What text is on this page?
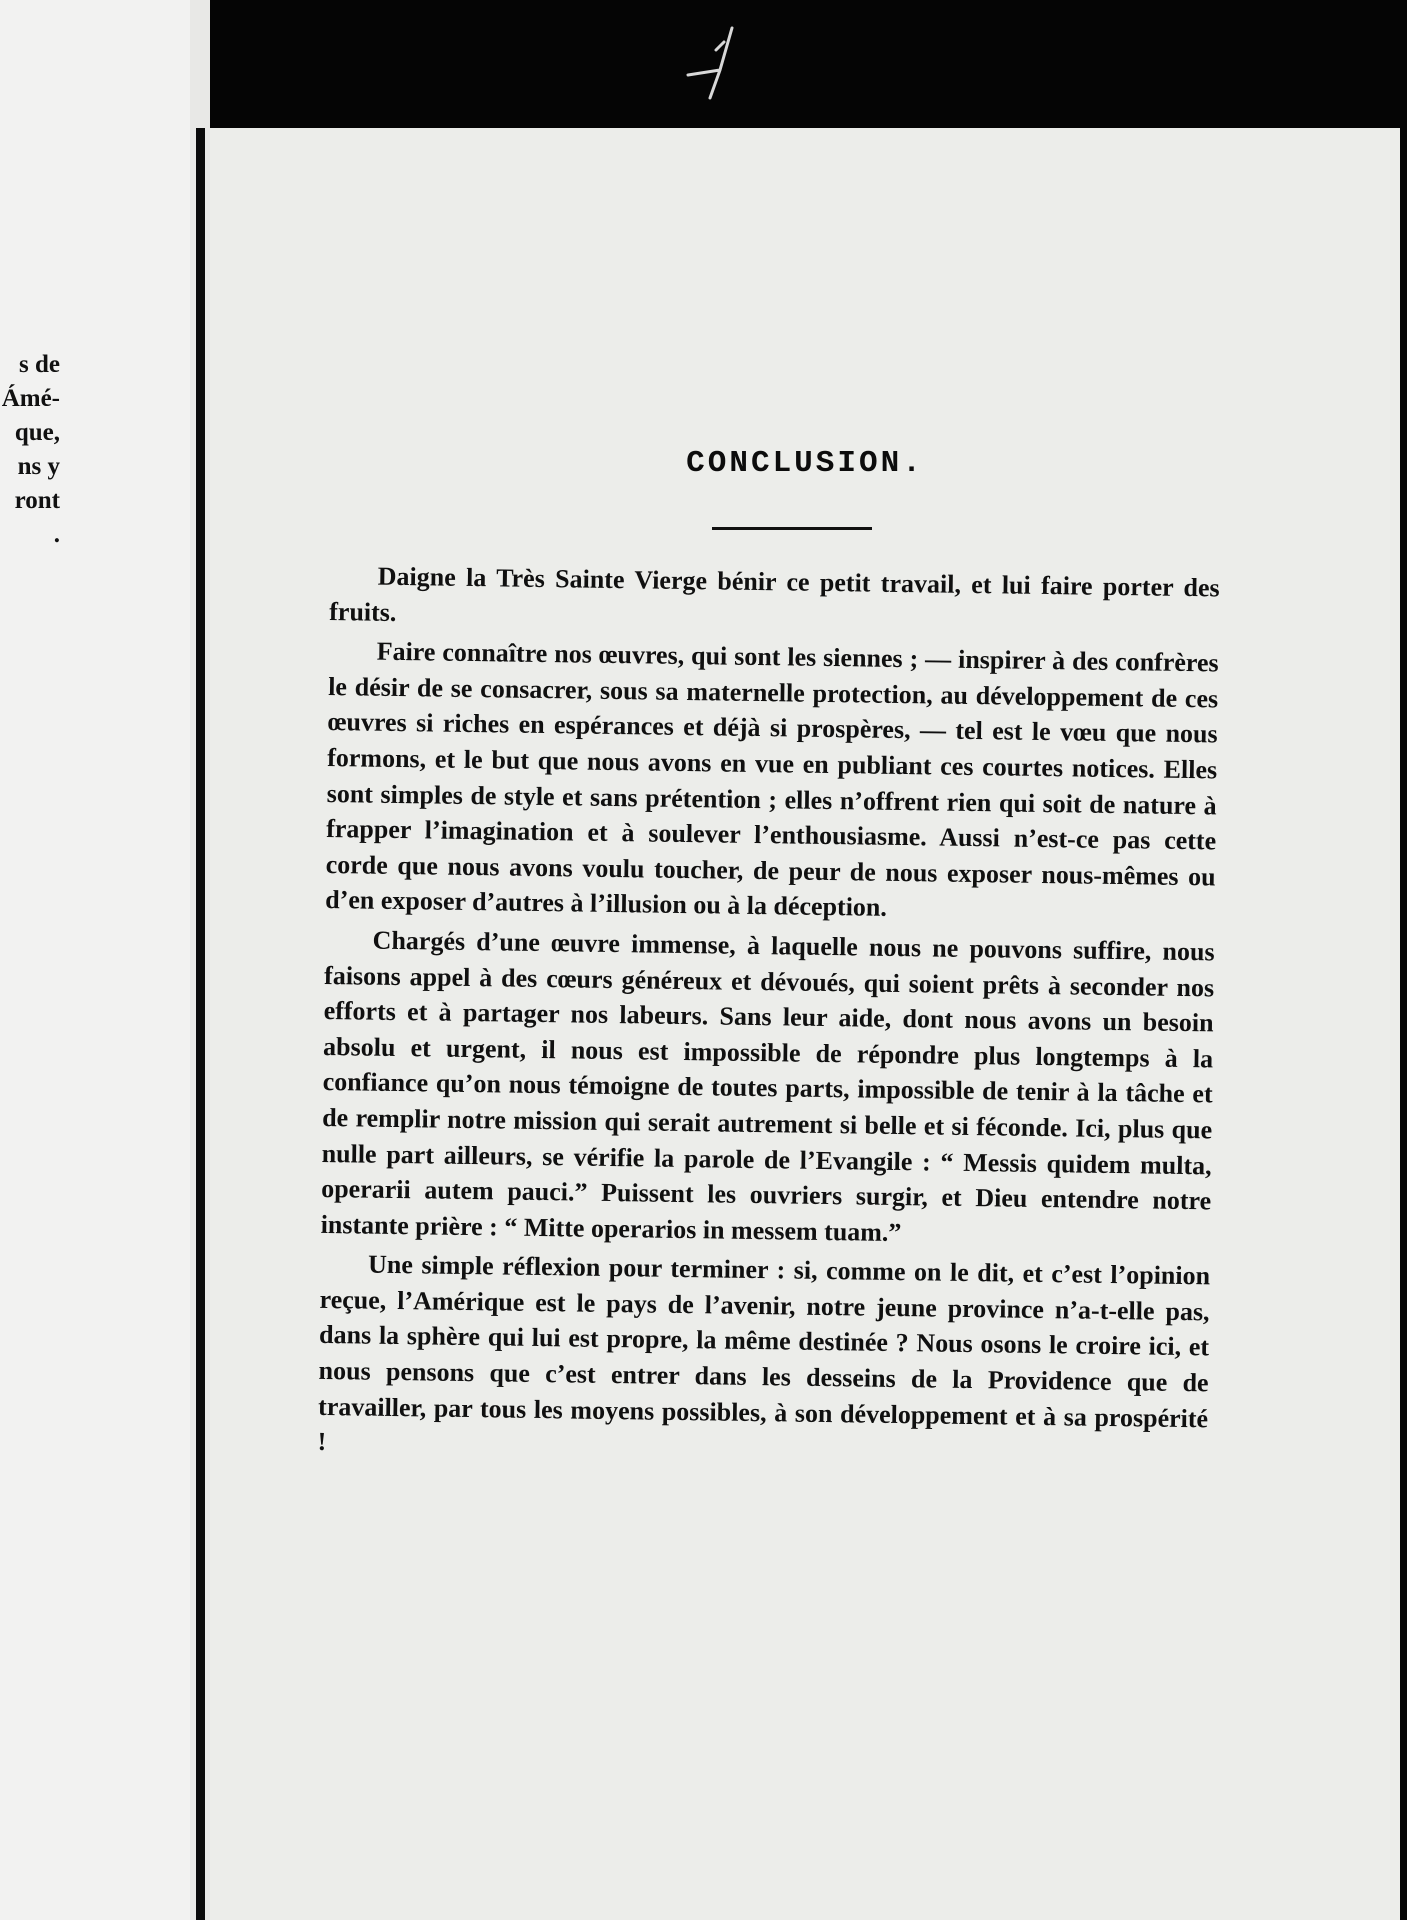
s de
Ámé-
que,
ns y
ront
.
CONCLUSION.

Daigne la Très Sainte Vierge bénir ce petit travail, et lui faire porter des fruits.

Faire connaître nos œuvres, qui sont les siennes ; — inspirer à des confrères le désir de se consacrer, sous sa maternelle protection, au développement de ces œuvres si riches en espérances et déjà si prospères, — tel est le vœu que nous formons, et le but que nous avons en vue en publiant ces courtes notices. Elles sont simples de style et sans prétention ; elles n’offrent rien qui soit de nature à frapper l’imagination et à soulever l’enthousiasme. Aussi n’est-ce pas cette corde que nous avons voulu toucher, de peur de nous exposer nous-mêmes ou d’en exposer d’autres à l’illusion ou à la déception.

Chargés d’une œuvre immense, à laquelle nous ne pouvons suffire, nous faisons appel à des cœurs généreux et dévoués, qui soient prêts à seconder nos efforts et à partager nos labeurs. Sans leur aide, dont nous avons un besoin absolu et urgent, il nous est impossible de répondre plus longtemps à la confiance qu’on nous témoigne de toutes parts, impossible de tenir à la tâche et de remplir notre mission qui serait autrement si belle et si féconde. Ici, plus que nulle part ailleurs, se vérifie la parole de l’Evangile : “ Messis quidem multa, operarii autem pauci.” Puissent les ouvriers surgir, et Dieu entendre notre instante prière : “ Mitte operarios in messem tuam.”

Une simple réflexion pour terminer : si, comme on le dit, et c’est l’opinion reçue, l’Amérique est le pays de l’avenir, notre jeune province n’a-t-elle pas, dans la sphère qui lui est propre, la même destinée ? Nous osons le croire ici, et nous pensons que c’est entrer dans les desseins de la Providence que de travailler, par tous les moyens possibles, à son développement et à sa prospérité !
